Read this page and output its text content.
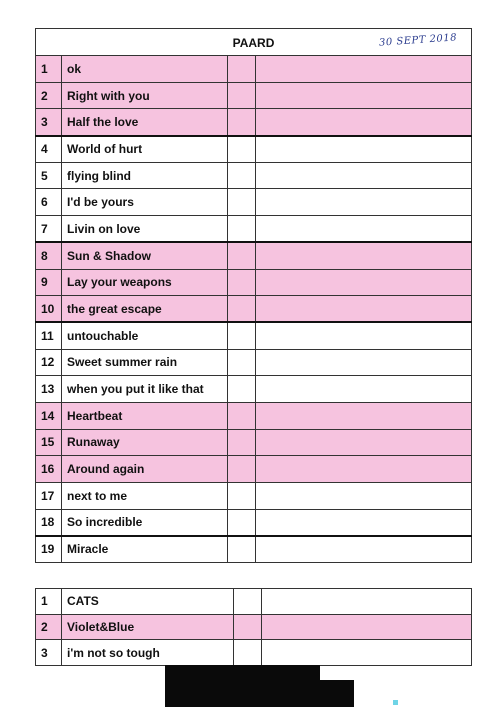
PAARD 30 SEPT 2018			

1	ok		
2	Right with you		
3	Half the love		
4	World of hurt		
5	flying blind		
6	I'd be yours		
7	Livin on love		
8	Sun & Shadow		
9	Lay your weapons		
10	the great escape		
11	untouchable		
12	Sweet summer rain		
13	when you put it like that		
14	Heartbeat		
15	Runaway		
16	Around again		
17	next to me		
18	So incredible		
19	Miracle		
1	CATS		
2	Violet&Blue		
3	i'm not so tough		
